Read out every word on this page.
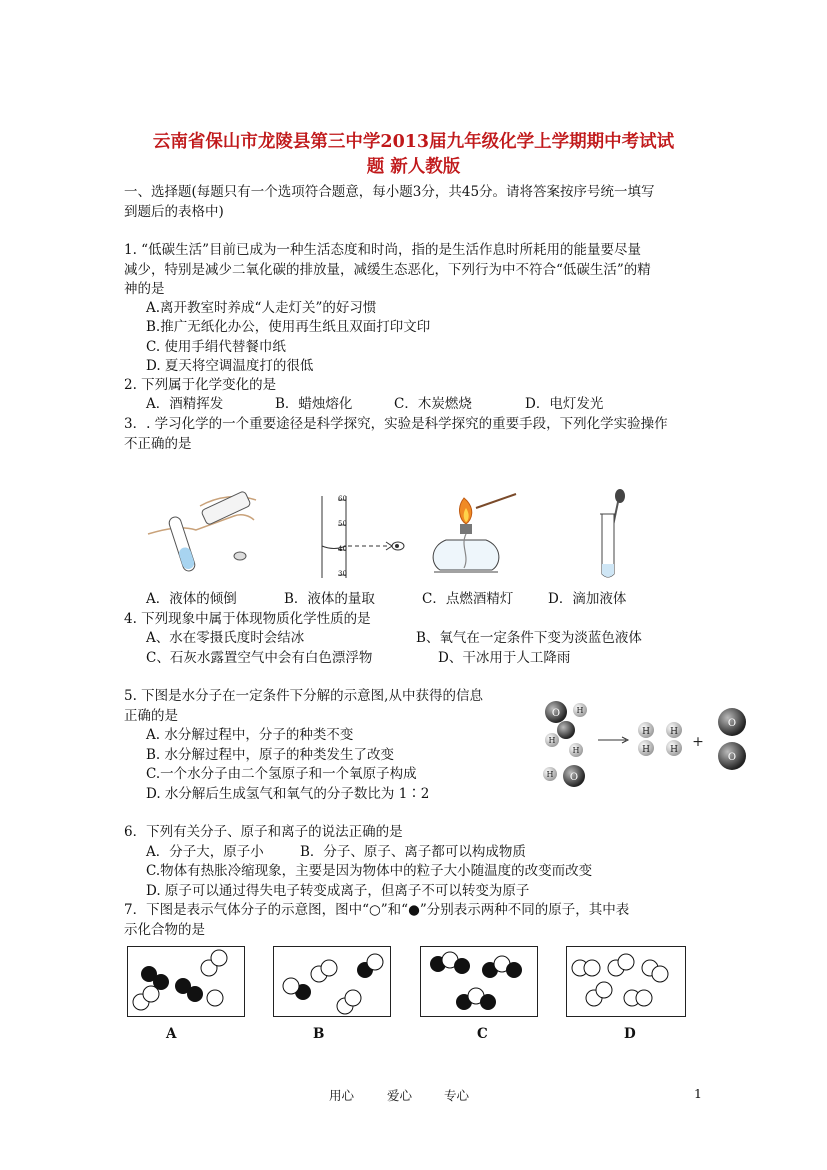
云南省保山市龙陵县第三中学2013届九年级化学上学期期中考试试
题 新人教版
一、选择题(每题只有一个选项符合题意，每小题3分，共45分。请将答案按序号统一填写
到题后的表格中)
1. “低碳生活”目前已成为一种生活态度和时尚，指的是生活作息时所耗用的能量要尽量
减少，特别是减少二氧化碳的排放量，减缓生态恶化，下列行为中不符合“低碳生活”的精
神的是
A.离开教室时养成“人走灯关”的好习惯
B.推广无纸化办公，使用再生纸且双面打印文印
C. 使用手绢代替餐巾纸
D. 夏天将空调温度打的很低
2. 下列属于化学变化的是
A．酒精挥发	B．蜡烛熔化	C．木炭燃烧	D．电灯发光
3．. 学习化学的一个重要途径是科学探究，实验是科学探究的重要手段，下列化学实验操作
不正确的是
60
50
40
30
A．液体的倾倒	B．液体的量取	C．点燃酒精灯	D．滴加液体
4. 下列现象中属于体现物质化学性质的是
A、水在零摄氏度时会结冰	B、氧气在一定条件下变为淡蓝色液体
C、石灰水露置空气中会有白色漂浮物	D、干冰用于人工降雨
5. 下图是水分子在一定条件下分解的示意图,从中获得的信息
正确的是
A. 水分解过程中，分子的种类不变
B. 水分解过程中，原子的种类发生了改变
C.一个水分子由二个氢原子和一个氧原子构成
D. 水分解后生成氢气和氧气的分子数比为 1∶2
O H
H
H
H O
H H
H H +
O
O
6．下列有关分子、原子和离子的说法正确的是
A．分子大，原子小	B．分子、原子、离子都可以构成物质
C.物体有热胀冷缩现象，主要是因为物体中的粒子大小随温度的改变而改变
D. 原子可以通过得失电子转变成离子，但离子不可以转变为原子
7．下图是表示气体分子的示意图，图中“○”和“●”分别表示两种不同的原子，其中表
示化合物的是
A	B	C	D
用心	爱心	专心	1
